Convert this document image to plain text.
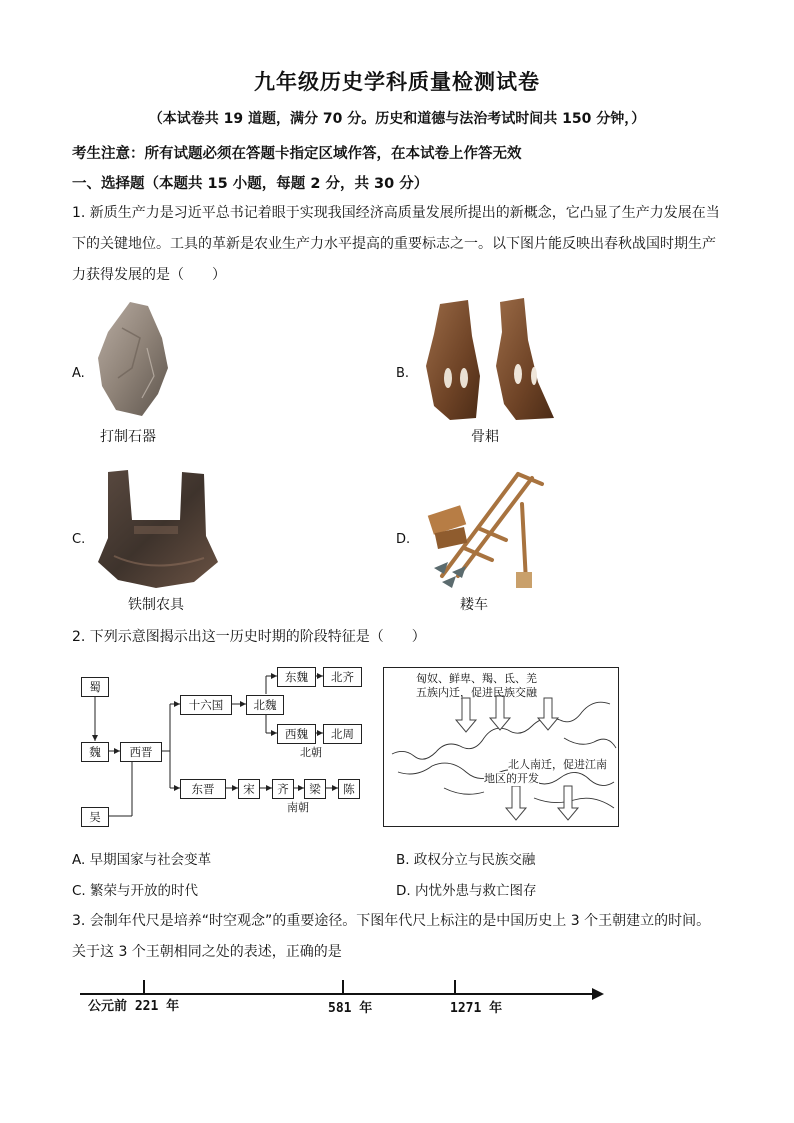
九年级历史学科质量检测试卷
（本试卷共 19 道题，满分 70 分。历史和道德与法治考试时间共 150 分钟，）
考生注意：所有试题必须在答题卡指定区域作答，在本试卷上作答无效
一、选择题（本题共 15 小题，每题 2 分，共 30 分）
1. 新质生产力是习近平总书记着眼于实现我国经济高质量发展所提出的新概念，它凸显了生产力发展在当
下的关键地位。工具的革新是农业生产力水平提高的重要标志之一。以下图片能反映出春秋战国时期生产
力获得发展的是（　　）
A.
打制石器
B.
骨耜
C.
铁制农具
D.
耧车
2. 下列示意图揭示出这一历史时期的阶段特征是（　　）
蜀
魏
吴
西晋
十六国	北魏
东魏	北齐
西魏	北周
北朝
东晋	宋	齐	梁	陈
南朝
匈奴、鲜卑、羯、氐、羌
五族内迁，促进民族交融
北人南迁，促进江南
地区的开发
A. 早期国家与社会变革	B. 政权分立与民族交融
C. 繁荣与开放的时代	D. 内忧外患与救亡图存
3. 会制年代尺是培养“时空观念”的重要途径。下图年代尺上标注的是中国历史上 3 个王朝建立的时间。
关于这 3 个王朝相同之处的表述，正确的是
公元前 221 年	581 年	1271 年
